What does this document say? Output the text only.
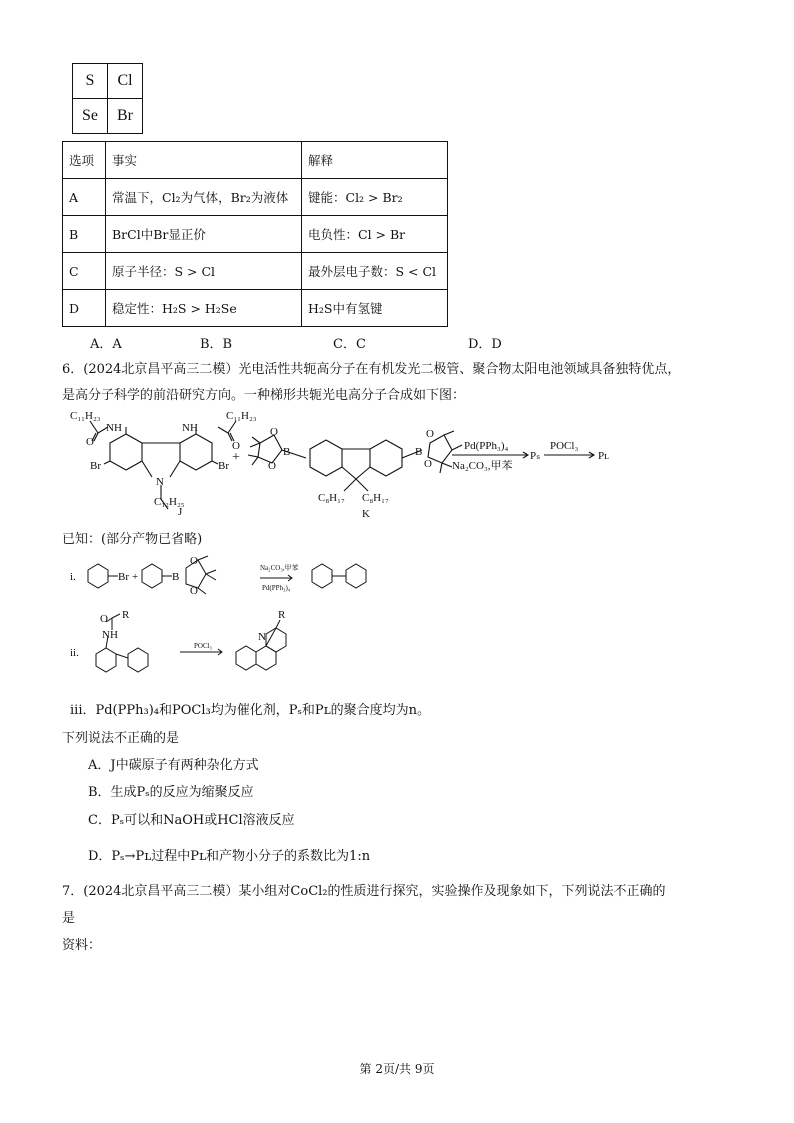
S	Cl
Se	Br
选项	事实	解释
A	常温下，Cl₂为气体，Br₂为液体	键能：Cl₂ > Br₂
B	BrCl中Br显正价	电负性：Cl > Br
C	原子半径：S > Cl	最外层电子数：S < Cl
D	稳定性：H₂S > H₂Se	H₂S中有氢键
A．A	B．B	C．C	D．D
6．(2024北京昌平高三二模）光电活性共轭高分子在有机发光二极管、聚合物太阳电池领域具备独特优点，
是高分子科学的前沿研究方向。一种梯形共轭光电高分子合成如下图：
C₁₁H₂₃
O
NH
Br
NH
C₁₁H₂₃
O
Br
N
C₁₂H₂₅
J
+
O
O
B	B
O
O
C₈H₁₇ C₈H₁₇
K
Pd(PPh₃)₄
Na₂CO₃,甲苯
Pₛ
POCl₃
Pʟ
已知：(部分产物已省略)
i.	Br +	B
O
O
Na₂CO₃,甲苯
Pd(PPh₃)₄
ii.
O R
NH
POCl₃
N
R
iii．Pd(PPh₃)₄和POCl₃均为催化剂，Pₛ和Pʟ的聚合度均为n。
下列说法不正确的是
A．J中碳原子有两种杂化方式
B．生成Pₛ的反应为缩聚反应
C．Pₛ可以和NaOH或HCl溶液反应
D．Pₛ→Pʟ过程中Pʟ和产物小分子的系数比为1:n
7．(2024北京昌平高三二模）某小组对CoCl₂的性质进行探究，实验操作及现象如下，下列说法不正确的
是
资料：
第 2页/共 9页
